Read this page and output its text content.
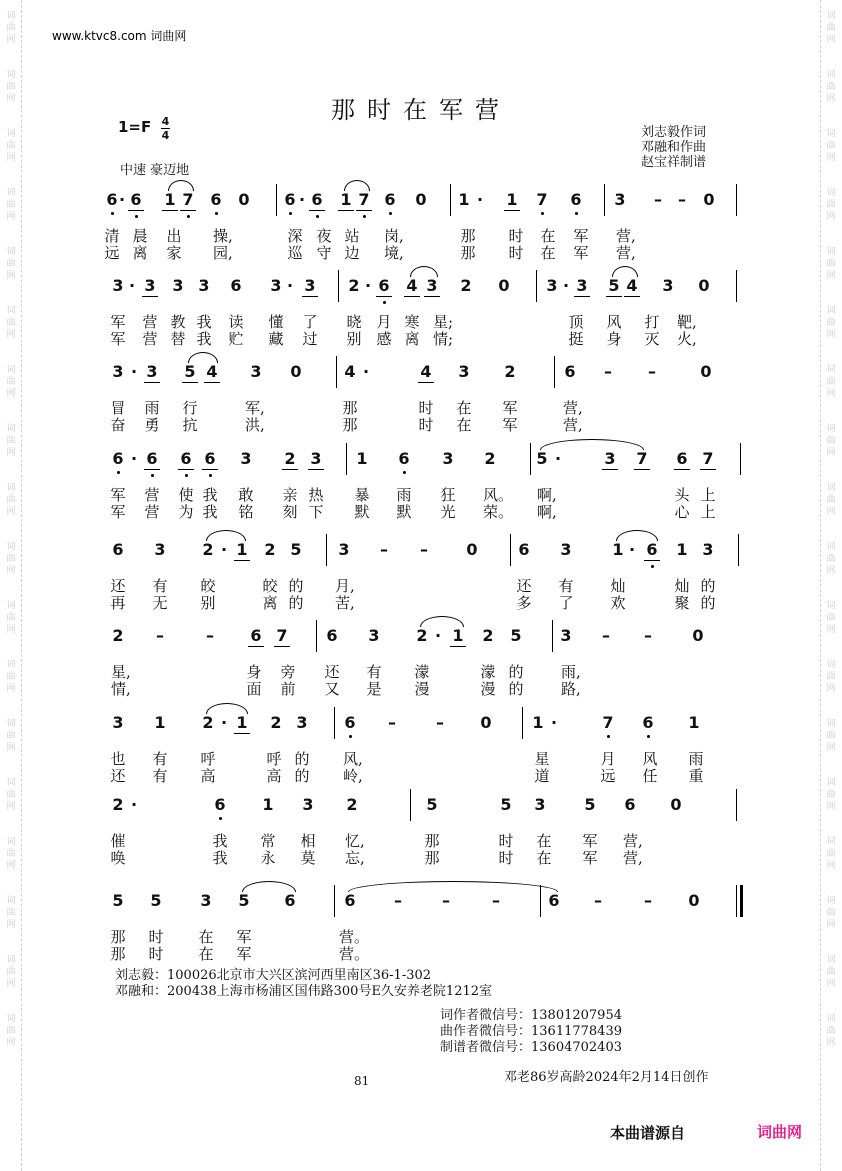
词
曲
网
词
曲
网
词
曲
网
词
曲
网
词
曲
网
词
曲
网
词
曲
网
词
曲
网
词
曲
网
词
曲
网
词
曲
网
词
曲
网
词
曲
网
词
曲
网
词
曲
网
词
曲
网
词
曲
网
词
曲
网
词
曲
网
词
曲
网
词
曲
网
词
曲
网
词
曲
网
词
曲
网
词
曲
网
词
曲
网
词
曲
网
词
曲
网
词
曲
网
词
曲
网
词
曲
网
词
曲
网
词
曲
网
词
曲
网
词
曲
网
词
曲
网
www.ktvc8.com 词曲网
那时在军营
1=F 4
4
中速 豪迈地
刘志毅作词
邓融和作曲
赵宝祥制谱
6 · 6 1 7 6 0 6 · 6 1 7 6 0 1 ·	1 7 6 3 – – 0
清 晨 出 操,	深 夜 站 岗,	那 时 在 军 营,
远 离 家 园,	巡 守 边 境,	那 时 在 军 营,
3 · 3 3 3 6 3 · 3 2 · 6 4 3 2 0 3 · 3 5 4 3 0
军 营 教 我 读 懂 了 晓 月 寒 星;	顶 风 打 靶,
军 营 替 我 贮 藏 过 别 感 离 情;	挺 身 灭 火,
3 · 3 5 4 3 0	4 ·	4 3 2	6 – –	0
冒 雨 行	军,	那	时 在 军	营,
奋 勇 抗	洪,	那	时 在 军	营,
6 · 6 6 6 3 2 3 1 6 3 2	5 ·	3 7 6 7
军 营 使 我 敢 亲 热 暴 雨 狂 风。 啊,	头 上
军 营 为 我 铭 刻 下 默 默 光 荣。 啊,	心 上
6 3 2 · 1 2 5 3 – – 0	6 3	1 · 6 1 3
还 有 皎	皎 的 月,	还 有 灿	灿 的
再 无 别	离 的 苦,	多 了 欢	聚 的
2 –	– 6 7 6 3 2 · 1 2 5 3 – –	0
星,	身 旁 还 有 濛	濛 的	雨,
情,	面 前 又 是 漫	漫 的	路,
3 1 2 · 1 2 3 6 –	– 0	1 ·	7 6 1
也 有 呼	呼 的 风,	星	月 风 雨
还 有 高	高 的 岭,	道	远 任 重
2 ·	6 1 3 2	5	5 3 5 6 0
催	我 常 相 忆,	那	时 在 军 营,
唤	我 永 莫 忘,	那	时 在 军 营,
5 5 3 5 6	6 –	–	–	6 –	– 0
那 时 在 军	营。
那 时 在 军	营。
刘志毅：100026北京市大兴区滨河西里南区36-1-302
邓融和：200438上海市杨浦区国伟路300号E久安养老院1212室
词作者微信号：13801207954
曲作者微信号：13611778439
制谱者微信号：13604702403
81	邓老86岁高龄2024年2月14日创作
本曲谱源自	词曲网
